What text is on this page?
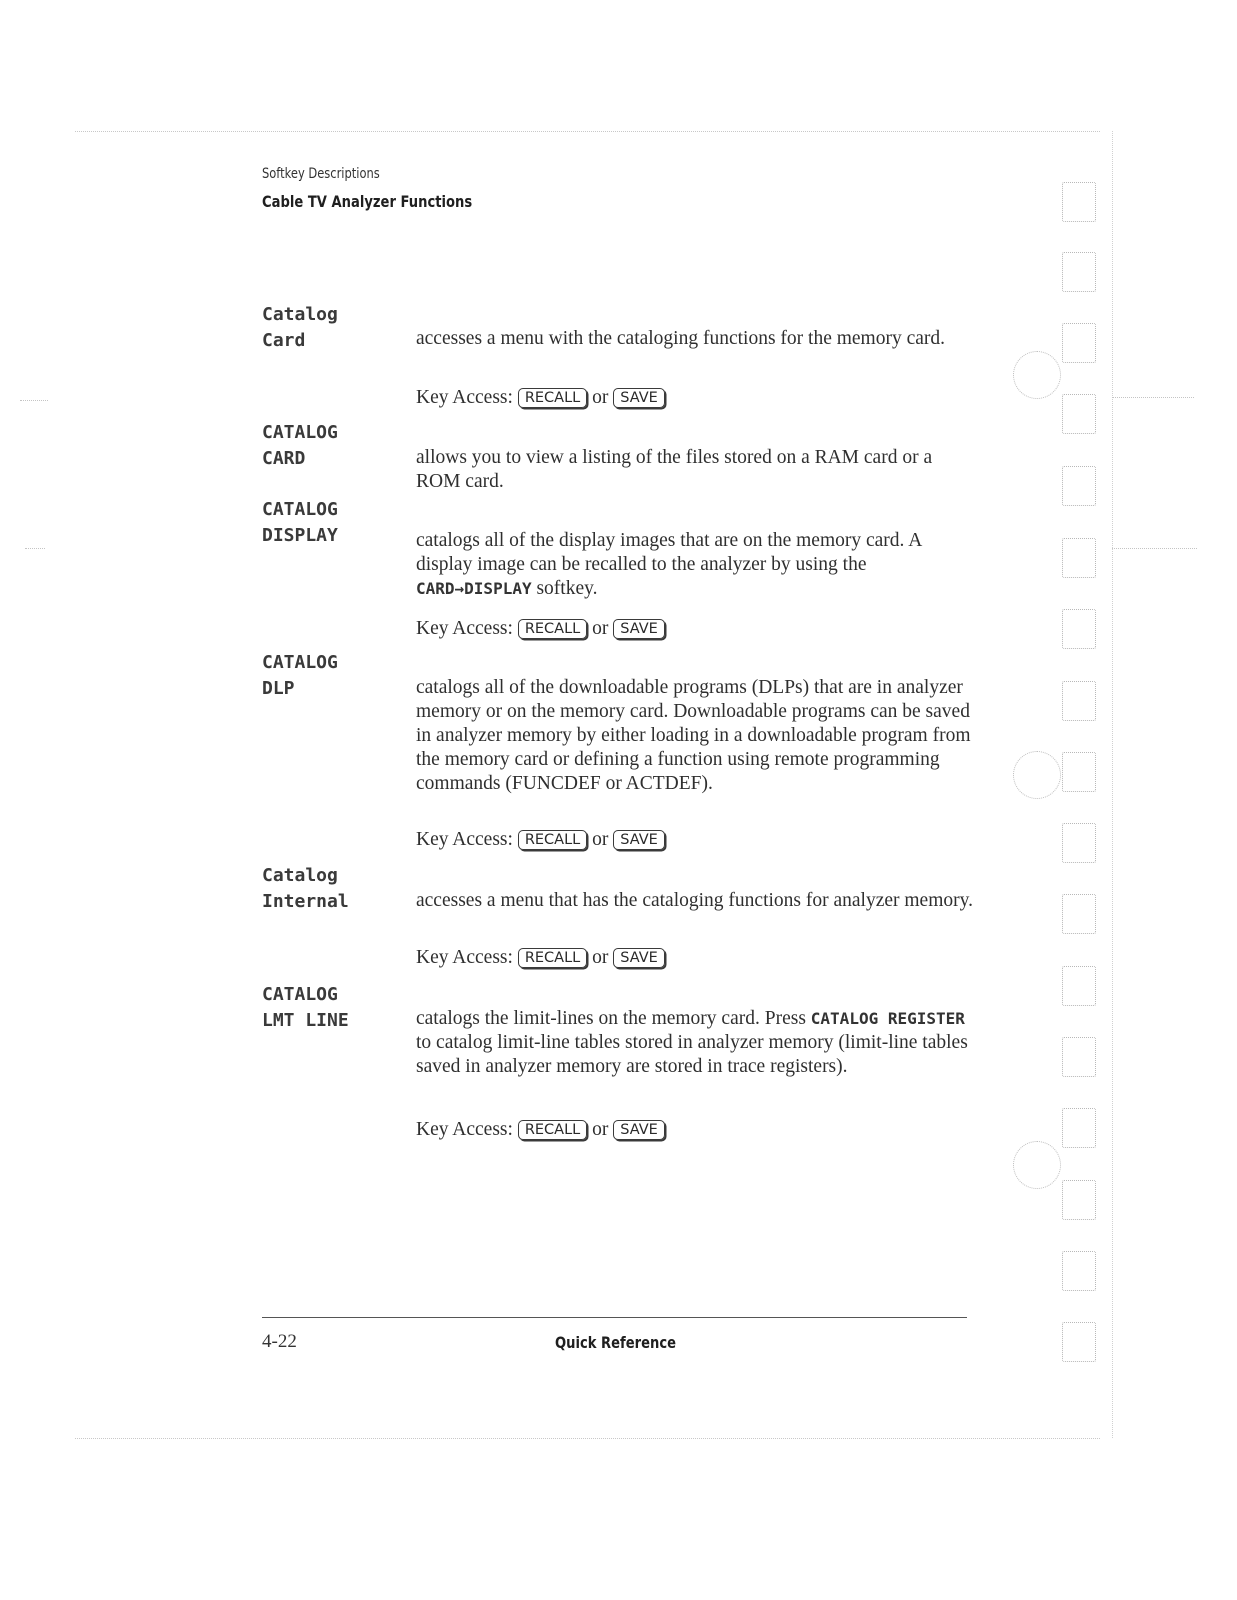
Softkey Descriptions
Cable TV Analyzer Functions
Catalog
Card	accesses a menu with the cataloging functions for the memory card.

Key Access: RECALL or SAVE
CATALOG
CARD	allows you to view a listing of the files stored on a RAM card or a ROM card.

CATALOG
DISPLAY	catalogs all of the display images that are on the memory card. A display image can be recalled to the analyzer by using the CARD→DISPLAY softkey.

Key Access: RECALL or SAVE
CATALOG
DLP	catalogs all of the downloadable programs (DLPs) that are in analyzer memory or on the memory card. Downloadable programs can be saved in analyzer memory by either loading in a downloadable program from the memory card or defining a function using remote programming commands (FUNCDEF or ACTDEF).

Key Access: RECALL or SAVE
Catalog
Internal	accesses a menu that has the cataloging functions for analyzer memory.

Key Access: RECALL or SAVE
CATALOG
LMT LINE	catalogs the limit-lines on the memory card. Press CATALOG REGISTER to catalog limit-line tables stored in analyzer memory (limit-line tables saved in analyzer memory are stored in trace registers).

Key Access: RECALL or SAVE
4-22	Quick Reference
